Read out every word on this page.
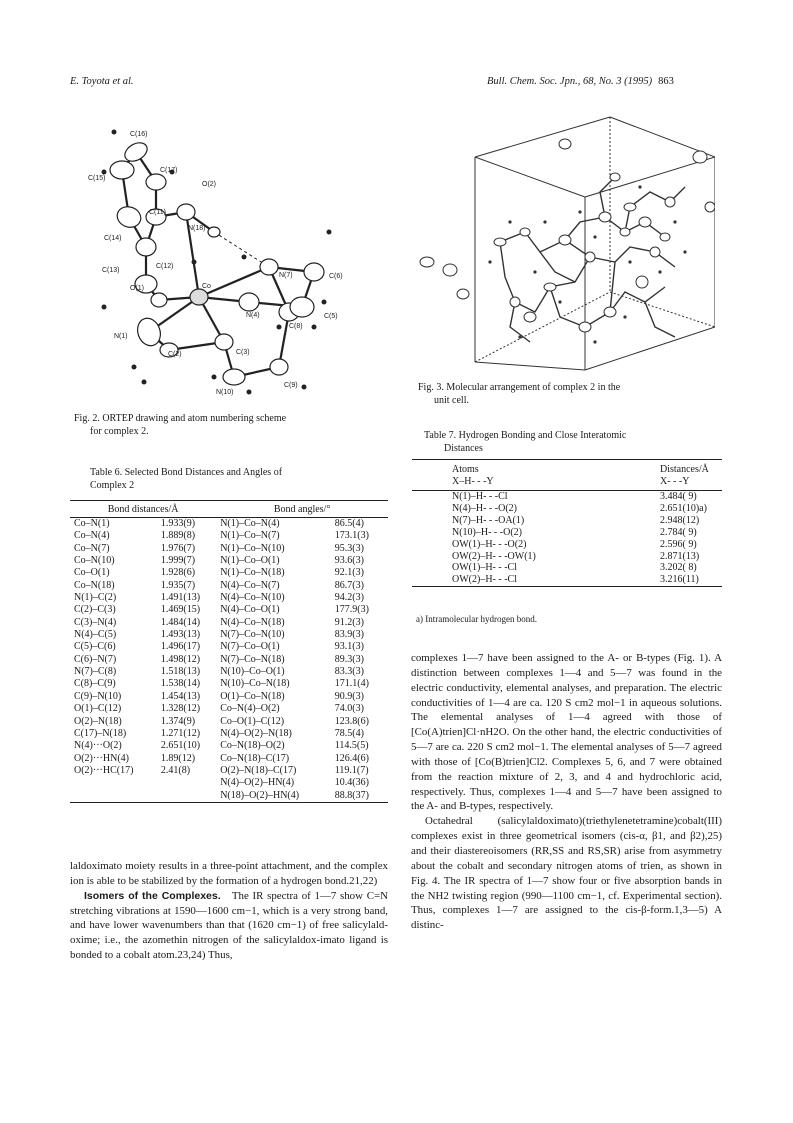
E. Toyota et al.	Bull. Chem. Soc. Jpn., 68, No. 3 (1995) 863
C(16)
C(15)
C(17)
O(2)
C(11)
N(18)
C(14)
C(13)
C(12)
O(1)	Co
N(7)	C(6)
C(5)
N(4)
C(8)
N(1)
C(2)	C(3)
N(10)
C(9)
Fig. 2. ORTEP drawing and atom numbering scheme
for complex 2.
Fig. 3. Molecular arrangement of complex 2 in the
unit cell.
Table 6. Selected Bond Distances and Angles of
Complex 2
Bond distances/Å		Bond angles/°	
Co–N(1)	1.933(9)	N(1)–Co–N(4)	86.5(4)
Co–N(4)	1.889(8)	N(1)–Co–N(7)	173.1(3)
Co–N(7)	1.976(7)	N(1)–Co–N(10)	95.3(3)
Co–N(10)	1.999(7)	N(1)–Co–O(1)	93.6(3)
Co–O(1)	1.928(6)	N(1)–Co–N(18)	92.1(3)
Co–N(18)	1.935(7)	N(4)–Co–N(7)	86.7(3)
N(1)–C(2)	1.491(13)	N(4)–Co–N(10)	94.2(3)
C(2)–C(3)	1.469(15)	N(4)–Co–O(1)	177.9(3)
C(3)–N(4)	1.484(14)	N(4)–Co–N(18)	91.2(3)
N(4)–C(5)	1.493(13)	N(7)–Co–N(10)	83.9(3)
C(5)–C(6)	1.496(17)	N(7)–Co–O(1)	93.1(3)
C(6)–N(7)	1.498(12)	N(7)–Co–N(18)	89.3(3)
N(7)–C(8)	1.518(13)	N(10)–Co–O(1)	83.3(3)
C(8)–C(9)	1.538(14)	N(10)–Co–N(18)	171.1(4)
C(9)–N(10)	1.454(13)	O(1)–Co–N(18)	90.9(3)
O(1)–C(12)	1.328(12)	Co–N(4)–O(2)	74.0(3)
O(2)–N(18)	1.374(9)	Co–O(1)–C(12)	123.8(6)
C(17)–N(18)	1.271(12)	N(4)–O(2)–N(18)	78.5(4)
N(4)···O(2)	2.651(10)	Co–N(18)–O(2)	114.5(5)
O(2)···HN(4)	1.89(12)	Co–N(18)–C(17)	126.4(6)
O(2)···HC(17)	2.41(8)	O(2)–N(18)–C(17)	119.1(7)
		N(4)–O(2)–HN(4)	10.4(36)
		N(18)–O(2)–HN(4)	88.8(37)
Table 7. Hydrogen Bonding and Close Interatomic
Distances
Atoms	Distances/Å
X–H- - -Y	X- - -Y
N(1)–H- - -Cl	3.484( 9)
N(4)–H- - -O(2)	2.651(10)a)
N(7)–H- - -OA(1)	2.948(12)
N(10)–H- - -O(2)	2.784( 9)
OW(1)–H- - -O(2)	2.596( 9)
OW(2)–H- - -OW(1)	2.871(13)
OW(1)–H- - -Cl	3.202( 8)
OW(2)–H- - -Cl	3.216(11)
a) Intramolecular hydrogen bond.

laldoximato moiety results in a three-point attachment, and the complex ion is able to be stabilized by the formation of a hydrogen bond.21,22)

Isomers of the Complexes. The IR spectra of 1—7 show C=N stretching vibrations at 1590—1600 cm−1, which is a very strong band, and have lower wavenumbers than that (1620 cm−1) of free salicylald-oxime; i.e., the azomethin nitrogen of the salicylaldox-imato ligand is bonded to a cobalt atom.23,24) Thus,

complexes 1—7 have been assigned to the A- or B-types (Fig. 1). A distinction between complexes 1—4 and 5—7 was found in the electric conductivity, elemental analyses, and preparation. The electric conductivities of 1—4 are ca. 120 S cm2 mol−1 in aqueous solutions. The elemental analyses of 1—4 agreed with those of [Co(A)trien]Cl·nH2O. On the other hand, the electric conductivities of 5—7 are ca. 220 S cm2 mol−1. The elemental analyses of 5—7 agreed with those of [Co(B)trien]Cl2. Complexes 5, 6, and 7 were obtained from the reaction mixture of 2, 3, and 4 and hydrochloric acid, respectively. Thus, complexes 1—4 and 5—7 have been assigned to the A- and B-types, respectively.

Octahedral (salicylaldoximato)(triethylenetetramine)cobalt(III) complexes exist in three geometrical isomers (cis-α, β1, and β2),25) and their diastereoisomers (RR,SS and RS,SR) arise from asymmetry about the cobalt and secondary nitrogen atoms of trien, as shown in Fig. 4. The IR spectra of 1—7 show four or five absorption bands in the NH2 twisting region (990—1100 cm−1, cf. Experimental section). Thus, complexes 1—7 are assigned to the cis-β-form.1,3—5) A distinc-
